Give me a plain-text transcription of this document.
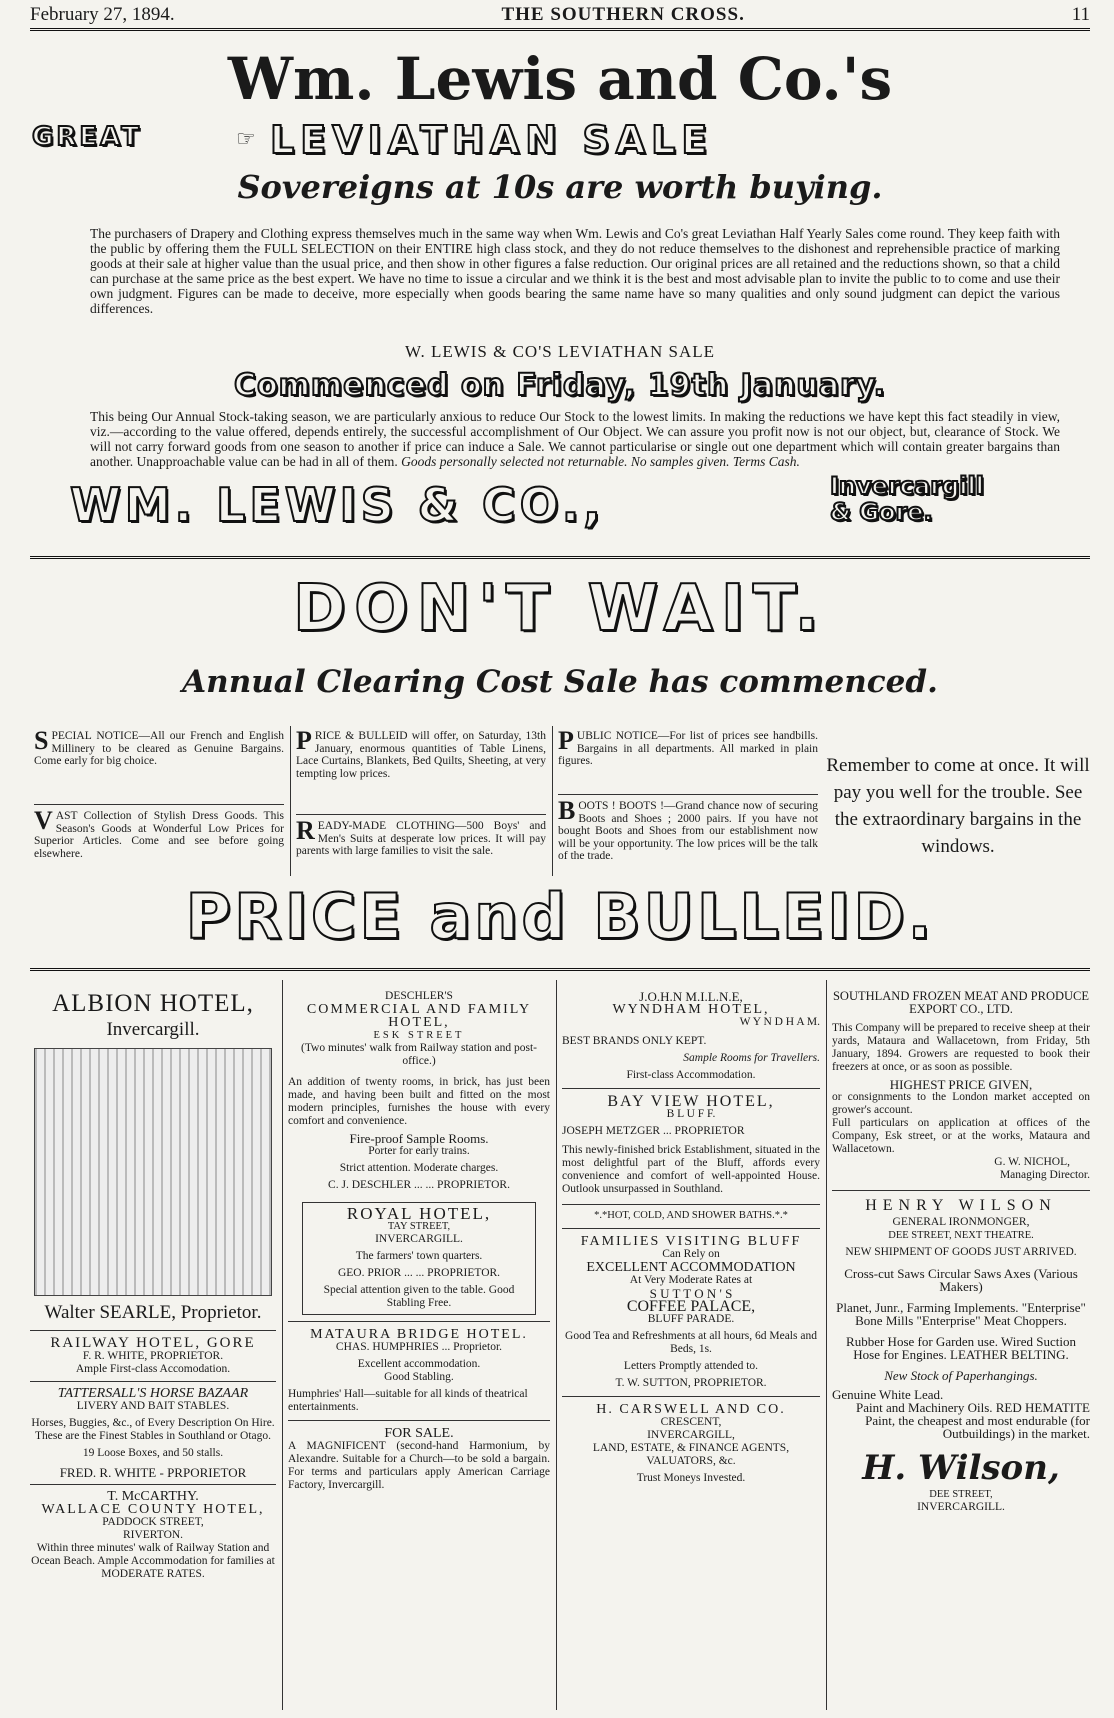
February 27, 1894.	THE SOUTHERN CROSS.	11
Wm. Lewis and Co.'s
GREAT	☞ LEVIATHAN SALE
Sovereigns at 10s are worth buying.
The purchasers of Drapery and Clothing express themselves much in the same way when Wm. Lewis and Co's great Leviathan Half Yearly Sales come round. They keep faith with the public by offering them the FULL SELECTION on their ENTIRE high class stock, and they do not reduce themselves to the dishonest and reprehensible practice of marking goods at their sale at higher value than the usual price, and then show in other figures a false reduction. Our original prices are all retained and the reductions shown, so that a child can purchase at the same price as the best expert. We have no time to issue a circular and we think it is the best and most advisable plan to invite the public to to come and use their own judgment. Figures can be made to deceive, more especially when goods bearing the same name have so many qualities and only sound judgment can depict the various differences.
W. LEWIS & CO'S LEVIATHAN SALE
Commenced on Friday, 19th January.
This being Our Annual Stock-taking season, we are particularly anxious to reduce Our Stock to the lowest limits. In making the reductions we have kept this fact steadily in view, viz.—according to the value offered, depends entirely, the successful accomplishment of Our Object. We can assure you profit now is not our object, but, clearance of Stock. We will not carry forward goods from one season to another if price can induce a Sale. We cannot particularise or single out one department which will contain greater bargains than another. Unapproachable value can be had in all of them. Goods personally selected not returnable. No samples given. Terms Cash.
WM. LEWIS & CO.,	Invercargill
& Gore.
DON'T WAIT.
Annual Clearing Cost Sale has commenced.
SPECIAL NOTICE—All our French and English Millinery to be cleared as Genuine Bargains. Come early for big choice.
VAST Collection of Stylish Dress Goods. This Season's Goods at Wonderful Low Prices for Superior Articles. Come and see before going elsewhere.
PRICE & BULLEID will offer, on Saturday, 13th January, enormous quantities of Table Linens, Lace Curtains, Blankets, Bed Quilts, Sheeting, at very tempting low prices.
READY-MADE CLOTHING—500 Boys' and Men's Suits at desperate low prices. It will pay parents with large families to visit the sale.
PUBLIC NOTICE—For list of prices see handbills. Bargains in all departments. All marked in plain figures.
BOOTS ! BOOTS !—Grand chance now of securing Boots and Shoes ; 2000 pairs. If you have not bought Boots and Shoes from our establishment now will be your opportunity. The low prices will be the talk of the trade.
Remember to come at once. It will pay you well for the trouble. See the extraordinary bargains in the windows.
PRICE and BULLEID.
ALBION HOTEL,
Invercargill.
Walter SEARLE, Proprietor.
RAILWAY HOTEL, GORE
F. R. WHITE, PROPRIETOR.
Ample First-class Accomodation.
TATTERSALL'S HORSE BAZAAR
LIVERY AND BAIT STABLES.
Horses, Buggies, &c., of Every Description On Hire. These are the Finest Stables in Southland or Otago.
19 Loose Boxes, and 50 stalls.
FRED. R. WHITE - PRPORIETOR
T. McCARTHY.
WALLACE COUNTY HOTEL,
PADDOCK STREET,
RIVERTON.
Within three minutes' walk of Railway Station and Ocean Beach. Ample Accommodation for families at MODERATE RATES.
DESCHLER'S
COMMERCIAL AND FAMILY HOTEL,
ESK STREET
(Two minutes' walk from Railway station and post-office.)
An addition of twenty rooms, in brick, has just been made, and having been built and fitted on the most modern principles, furnishes the house with every comfort and convenience.
Fire-proof Sample Rooms.
Porter for early trains.
Strict attention. Moderate charges.
C. J. DESCHLER ... ... PROPRIETOR.
ROYAL HOTEL,
TAY STREET,
INVERCARGILL.
The farmers' town quarters.
GEO. PRIOR ... ... PROPRIETOR.
Special attention given to the table. Good Stabling Free.
MATAURA BRIDGE HOTEL.
CHAS. HUMPHRIES ... Proprietor.
Excellent accommodation.
Good Stabling.
Humphries' Hall—suitable for all kinds of theatrical entertainments.
FOR SALE.
A MAGNIFICENT (second-hand Harmonium, by Alexandre. Suitable for a Church—to be sold a bargain. For terms and particulars apply American Carriage Factory, Invercargill.
J.O.H.N M.I.L.N.E,
WYNDHAM HOTEL,
W Y N D H A M.
BEST BRANDS ONLY KEPT.
Sample Rooms for Travellers.
First-class Accommodation.
BAY VIEW HOTEL,
B L U F F.
JOSEPH METZGER ... PROPRIETOR
This newly-finished brick Establishment, situated in the most delightful part of the Bluff, affords every convenience and comfort of well-appointed House. Outlook unsurpassed in Southland.
*.*HOT, COLD, AND SHOWER BATHS.*.*
FAMILIES VISITING BLUFF
Can Rely on
EXCELLENT ACCOMMODATION
At Very Moderate Rates at
S U T T O N ' S
COFFEE PALACE,
BLUFF PARADE.
Good Tea and Refreshments at all hours, 6d Meals and Beds, 1s.
Letters Promptly attended to.
T. W. SUTTON, PROPRIETOR.
H. CARSWELL AND CO.
CRESCENT,
INVERCARGILL,
LAND, ESTATE, & FINANCE AGENTS, VALUATORS, &c.
Trust Moneys Invested.
SOUTHLAND FROZEN MEAT AND PRODUCE EXPORT CO., LTD.
This Company will be prepared to receive sheep at their yards, Mataura and Wallacetown, from Friday, 5th January, 1894. Growers are requested to book their freezers at once, or as soon as possible.
HIGHEST PRICE GIVEN,
or consignments to the London market accepted on grower's account.
Full particulars on application at offices of the Company, Esk street, or at the works, Mataura and Wallacetown.
G. W. NICHOL,
Managing Director.
HENRY WILSON
GENERAL IRONMONGER,
DEE STREET, NEXT THEATRE.
NEW SHIPMENT OF GOODS JUST ARRIVED.
Cross-cut Saws Circular Saws Axes (Various Makers)
Planet, Junr., Farming Implements. "Enterprise" Bone Mills "Enterprise" Meat Choppers.
Rubber Hose for Garden use. Wired Suction Hose for Engines. LEATHER BELTING.
New Stock of Paperhangings.
Genuine White Lead.
Paint and Machinery Oils. RED HEMATITE Paint, the cheapest and most endurable (for Outbuildings) in the market.
H. Wilson,
DEE STREET,
INVERCARGILL.
